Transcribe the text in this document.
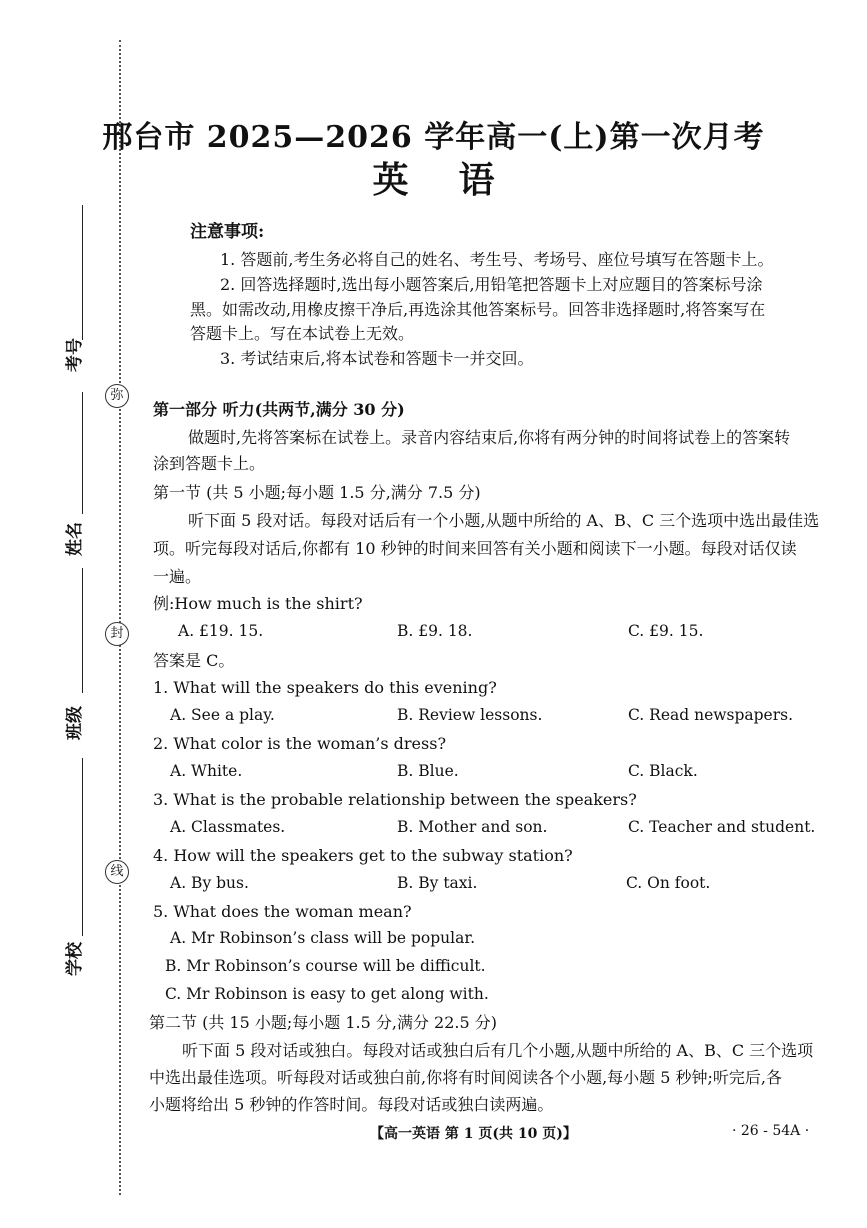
弥
封
线
考号
姓名
班级
学校
邢台市 2025—2026 学年高一(上)第一次月考
英语
注意事项:
1. 答题前,考生务必将自己的姓名、考生号、考场号、座位号填写在答题卡上。
2. 回答选择题时,选出每小题答案后,用铅笔把答题卡上对应题目的答案标号涂
黑。如需改动,用橡皮擦干净后,再选涂其他答案标号。回答非选择题时,将答案写在
答题卡上。写在本试卷上无效。
3. 考试结束后,将本试卷和答题卡一并交回。
第一部分 听力(共两节,满分 30 分)
做题时,先将答案标在试卷上。录音内容结束后,你将有两分钟的时间将试卷上的答案转
涂到答题卡上。
第一节 (共 5 小题;每小题 1.5 分,满分 7.5 分)
听下面 5 段对话。每段对话后有一个小题,从题中所给的 A、B、C 三个选项中选出最佳选
项。听完每段对话后,你都有 10 秒钟的时间来回答有关小题和阅读下一小题。每段对话仅读
一遍。
例:How much is the shirt?
A. £19. 15.	B. £9. 18.	C. £9. 15.
答案是 C。
1. What will the speakers do this evening?
A. See a play.	B. Review lessons.	C. Read newspapers.
2. What color is the woman’s dress?
A. White.	B. Blue.	C. Black.
3. What is the probable relationship between the speakers?
A. Classmates.	B. Mother and son.	C. Teacher and student.
4. How will the speakers get to the subway station?
A. By bus.	B. By taxi.	C. On foot.
5. What does the woman mean?
A. Mr Robinson’s class will be popular.
B. Mr Robinson’s course will be difficult.
C. Mr Robinson is easy to get along with.
第二节 (共 15 小题;每小题 1.5 分,满分 22.5 分)
听下面 5 段对话或独白。每段对话或独白后有几个小题,从题中所给的 A、B、C 三个选项
中选出最佳选项。听每段对话或独白前,你将有时间阅读各个小题,每小题 5 秒钟;听完后,各
小题将给出 5 秒钟的作答时间。每段对话或独白读两遍。
【高一英语 第 1 页(共 10 页)】	· 26 - 54A ·
